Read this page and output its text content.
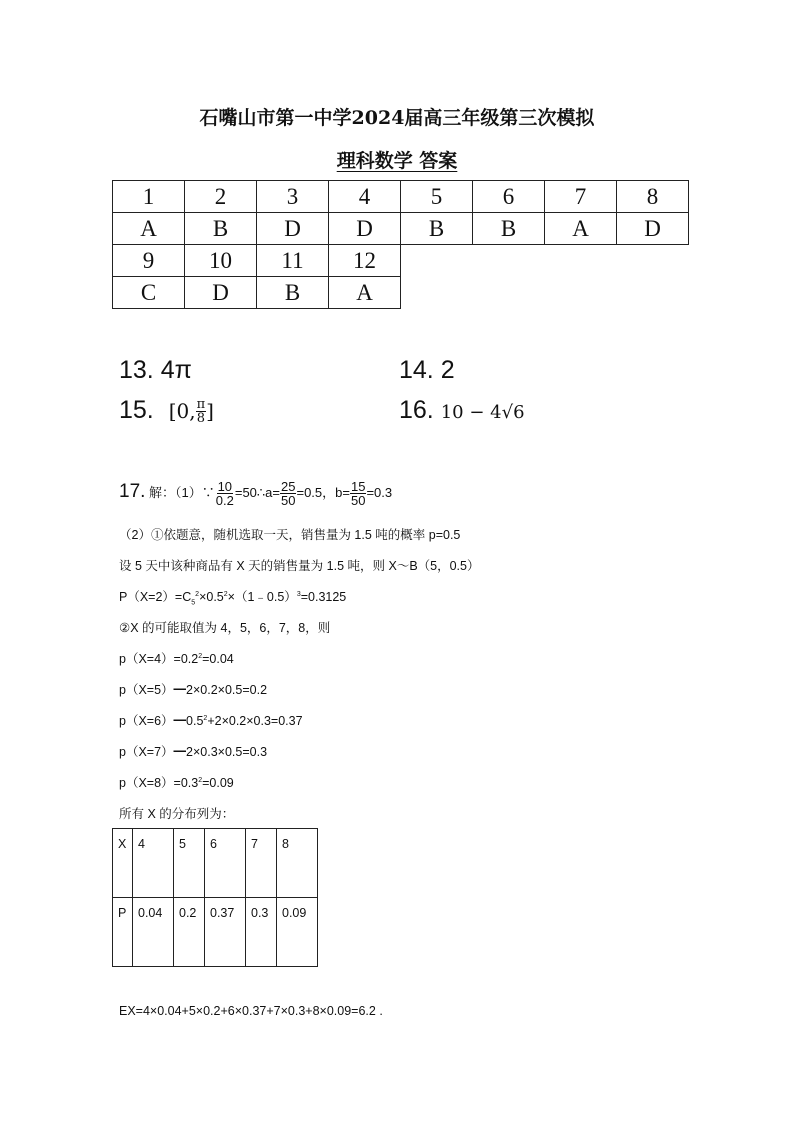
石嘴山市第一中学2024届高三年级第三次模拟
理科数学 答案
1	2	3	4	5	6	7	8
A	B	D	D	B	B	A	D
9	10	11	12				
C	D	B	A				
13. 4π	14. 2
15. [0, $\frac{\pi}{8}$ ]	16. 10 − 4√6
17. 解：（1）∵ $\frac{10}{0.2}$ =50∴a= $\frac{25}{50} =0.5$，$b= \frac{15}{50} =0.3$
（2）①依题意，随机选取一天，销售量为 1.5 吨的概率 p=0.5
设 5 天中该种商品有 X 天的销售量为 1.5 吨，则 X～B（5，0.5）
$P(X=2)=C_5^2\times 0.5^2\times(1﹣0.5)^3=0.3125$
②X 的可能取值为 4，5，6，7，8，则
$p(X=4)=0.2^2=0.04$
p（X=5）━2×0.2×0.5=0.2
$p(X=6)━0.5^2+2\times 0.2\times 0.3=0.37$
p（X=7）━2×0.3×0.5=0.3
$p(X=8)=0.3^2=0.09$
所有 X 的分布列为：
X	4	5	6	7	8
P	0.04	0.2	0.37	0.3	0.09
EX=4×0.04+5×0.2+6×0.37+7×0.3+8×0.09=6.2 .
